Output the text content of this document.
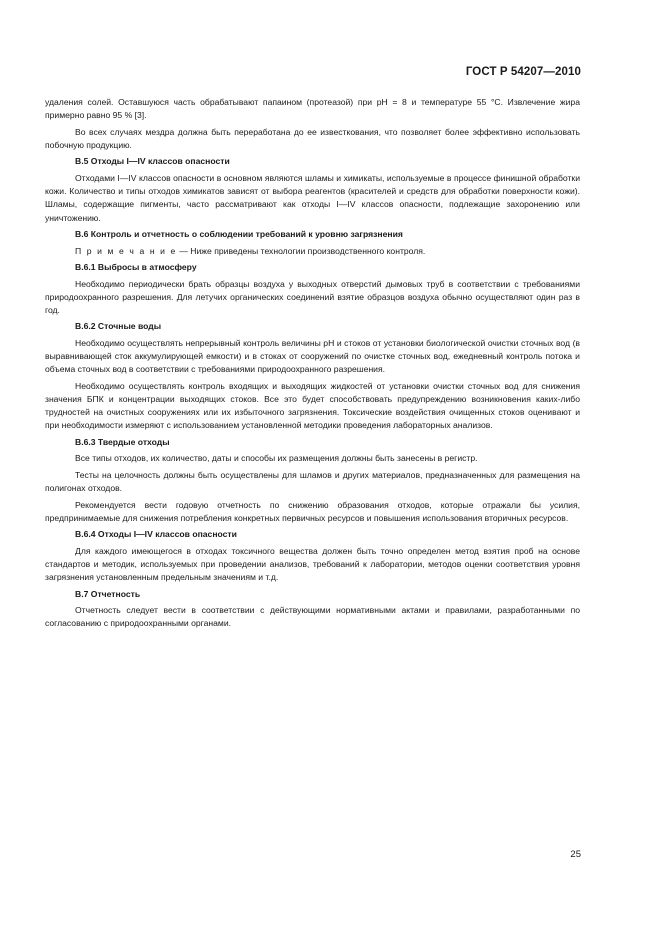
ГОСТ Р 54207—2010

удаления солей. Оставшуюся часть обрабатывают папаином (протеазой) при pH = 8 и температуре 55 °С. Извлечение жира примерно равно 95 % [3].

Во всех случаях мездра должна быть переработана до ее известкования, что позволяет более эффективно использовать побочную продукцию.

В.5 Отходы I—IV классов опасности

Отходами I—IV классов опасности в основном являются шламы и химикаты, используемые в процессе финишной обработки кожи. Количество и типы отходов химикатов зависят от выбора реагентов (красителей и средств для обработки поверхности кожи). Шламы, содержащие пигменты, часто рассматривают как отходы I—IV классов опасности, подлежащие захоронению или уничтожению.

В.6 Контроль и отчетность о соблюдении требований к уровню загрязнения

П р и м е ч а н и е — Ниже приведены технологии производственного контроля.

В.6.1 Выбросы в атмосферу

Необходимо периодически брать образцы воздуха у выходных отверстий дымовых труб в соответствии с требованиями природоохранного разрешения. Для летучих органических соединений взятие образцов воздуха обычно осуществляют один раз в год.

В.6.2 Сточные воды

Необходимо осуществлять непрерывный контроль величины pH и стоков от установки биологической очистки сточных вод (в выравнивающей сток аккумулирующей емкости) и в стоках от сооружений по очистке сточных вод, ежедневный контроль потока и объема сточных вод в соответствии с требованиями природоохранного разрешения.

Необходимо осуществлять контроль входящих и выходящих жидкостей от установки очистки сточных вод для снижения значения БПК и концентрации выходящих стоков. Все это будет способствовать предупреждению возникновения каких-либо трудностей на очистных сооружениях или их избыточного загрязнения. Токсические воздействия очищенных стоков оценивают и при необходимости измеряют с использованием установленной методики проведения лабораторных анализов.

В.6.3 Твердые отходы

Все типы отходов, их количество, даты и способы их размещения должны быть занесены в регистр.

Тесты на целочность должны быть осуществлены для шламов и других материалов, предназначенных для размещения на полигонах отходов.

Рекомендуется вести годовую отчетность по снижению образования отходов, которые отражали бы усилия, предпринимаемые для снижения потребления конкретных первичных ресурсов и повышения использования вторичных ресурсов.

В.6.4 Отходы I—IV классов опасности

Для каждого имеющегося в отходах токсичного вещества должен быть точно определен метод взятия проб на основе стандартов и методик, используемых при проведении анализов, требований к лаборатории, методов оценки соответствия уровня загрязнения установленным предельным значениям и т.д.

В.7 Отчетность

Отчетность следует вести в соответствии с действующими нормативными актами и правилами, разработанными по согласованию с природоохранными органами.

25
